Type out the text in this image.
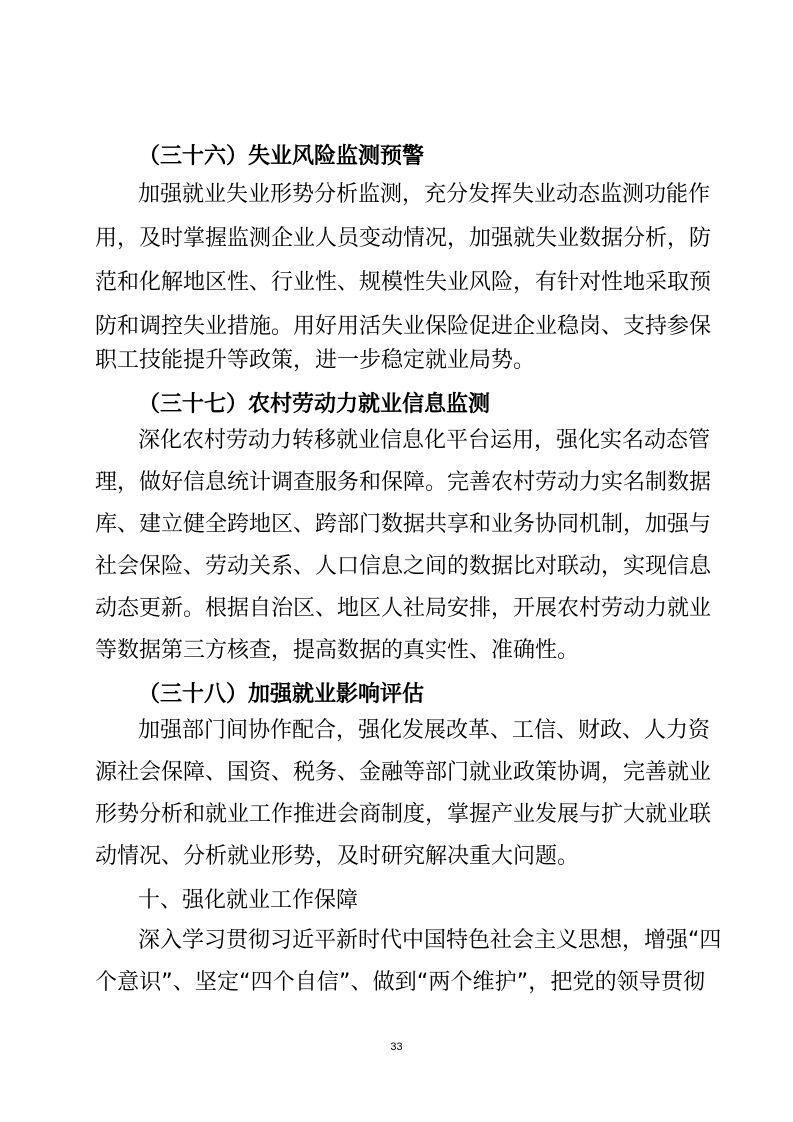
（三十六）失业风险监测预警
加强就业失业形势分析监测，充分发挥失业动态监测功能作
用，及时掌握监测企业人员变动情况，加强就失业数据分析，防
范和化解地区性、行业性、规模性失业风险，有针对性地采取预
防和调控失业措施。用好用活失业保险促进企业稳岗、支持参保
职工技能提升等政策，进一步稳定就业局势。
（三十七）农村劳动力就业信息监测
深化农村劳动力转移就业信息化平台运用，强化实名动态管
理，做好信息统计调查服务和保障。完善农村劳动力实名制数据
库、建立健全跨地区、跨部门数据共享和业务协同机制，加强与
社会保险、劳动关系、人口信息之间的数据比对联动，实现信息
动态更新。根据自治区、地区人社局安排，开展农村劳动力就业
等数据第三方核查，提高数据的真实性、准确性。
（三十八）加强就业影响评估
加强部门间协作配合，强化发展改革、工信、财政、人力资
源社会保障、国资、税务、金融等部门就业政策协调，完善就业
形势分析和就业工作推进会商制度，掌握产业发展与扩大就业联
动情况、分析就业形势，及时研究解决重大问题。
十、强化就业工作保障
深入学习贯彻习近平新时代中国特色社会主义思想，增强“四
个意识”、坚定“四个自信”、做到“两个维护”，把党的领导贯彻
33
